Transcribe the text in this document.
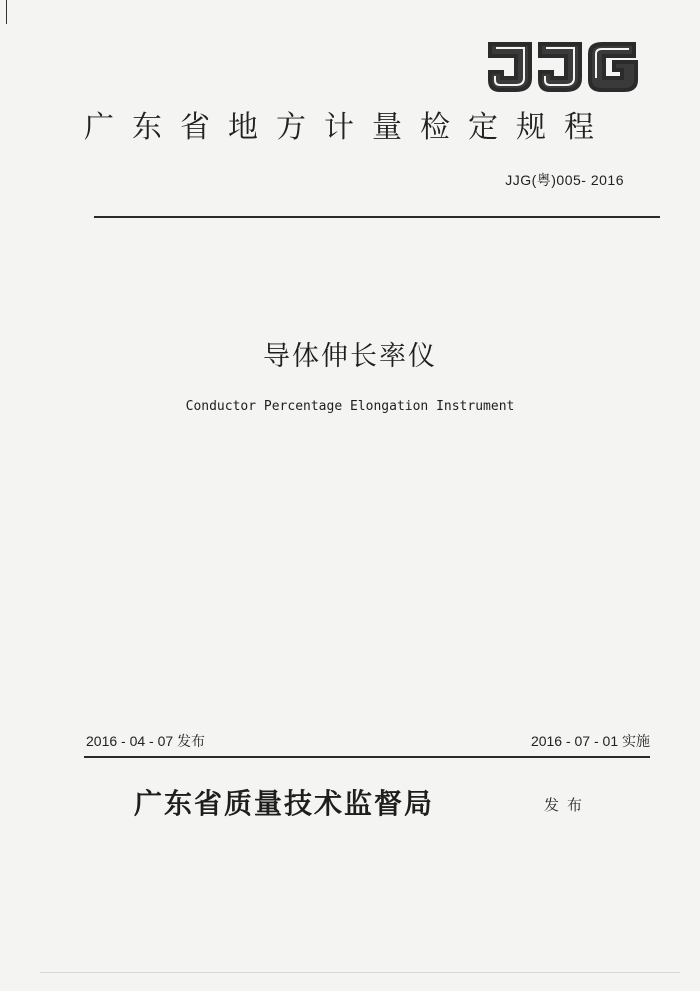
广东省地方计量检定规程
JJG(粤)005- 2016
导体伸长率仪
Conductor Percentage Elongation Instrument
2016 - 04 - 07 发布	2016 - 07 - 01 实施
广东省质量技术监督局	发布
